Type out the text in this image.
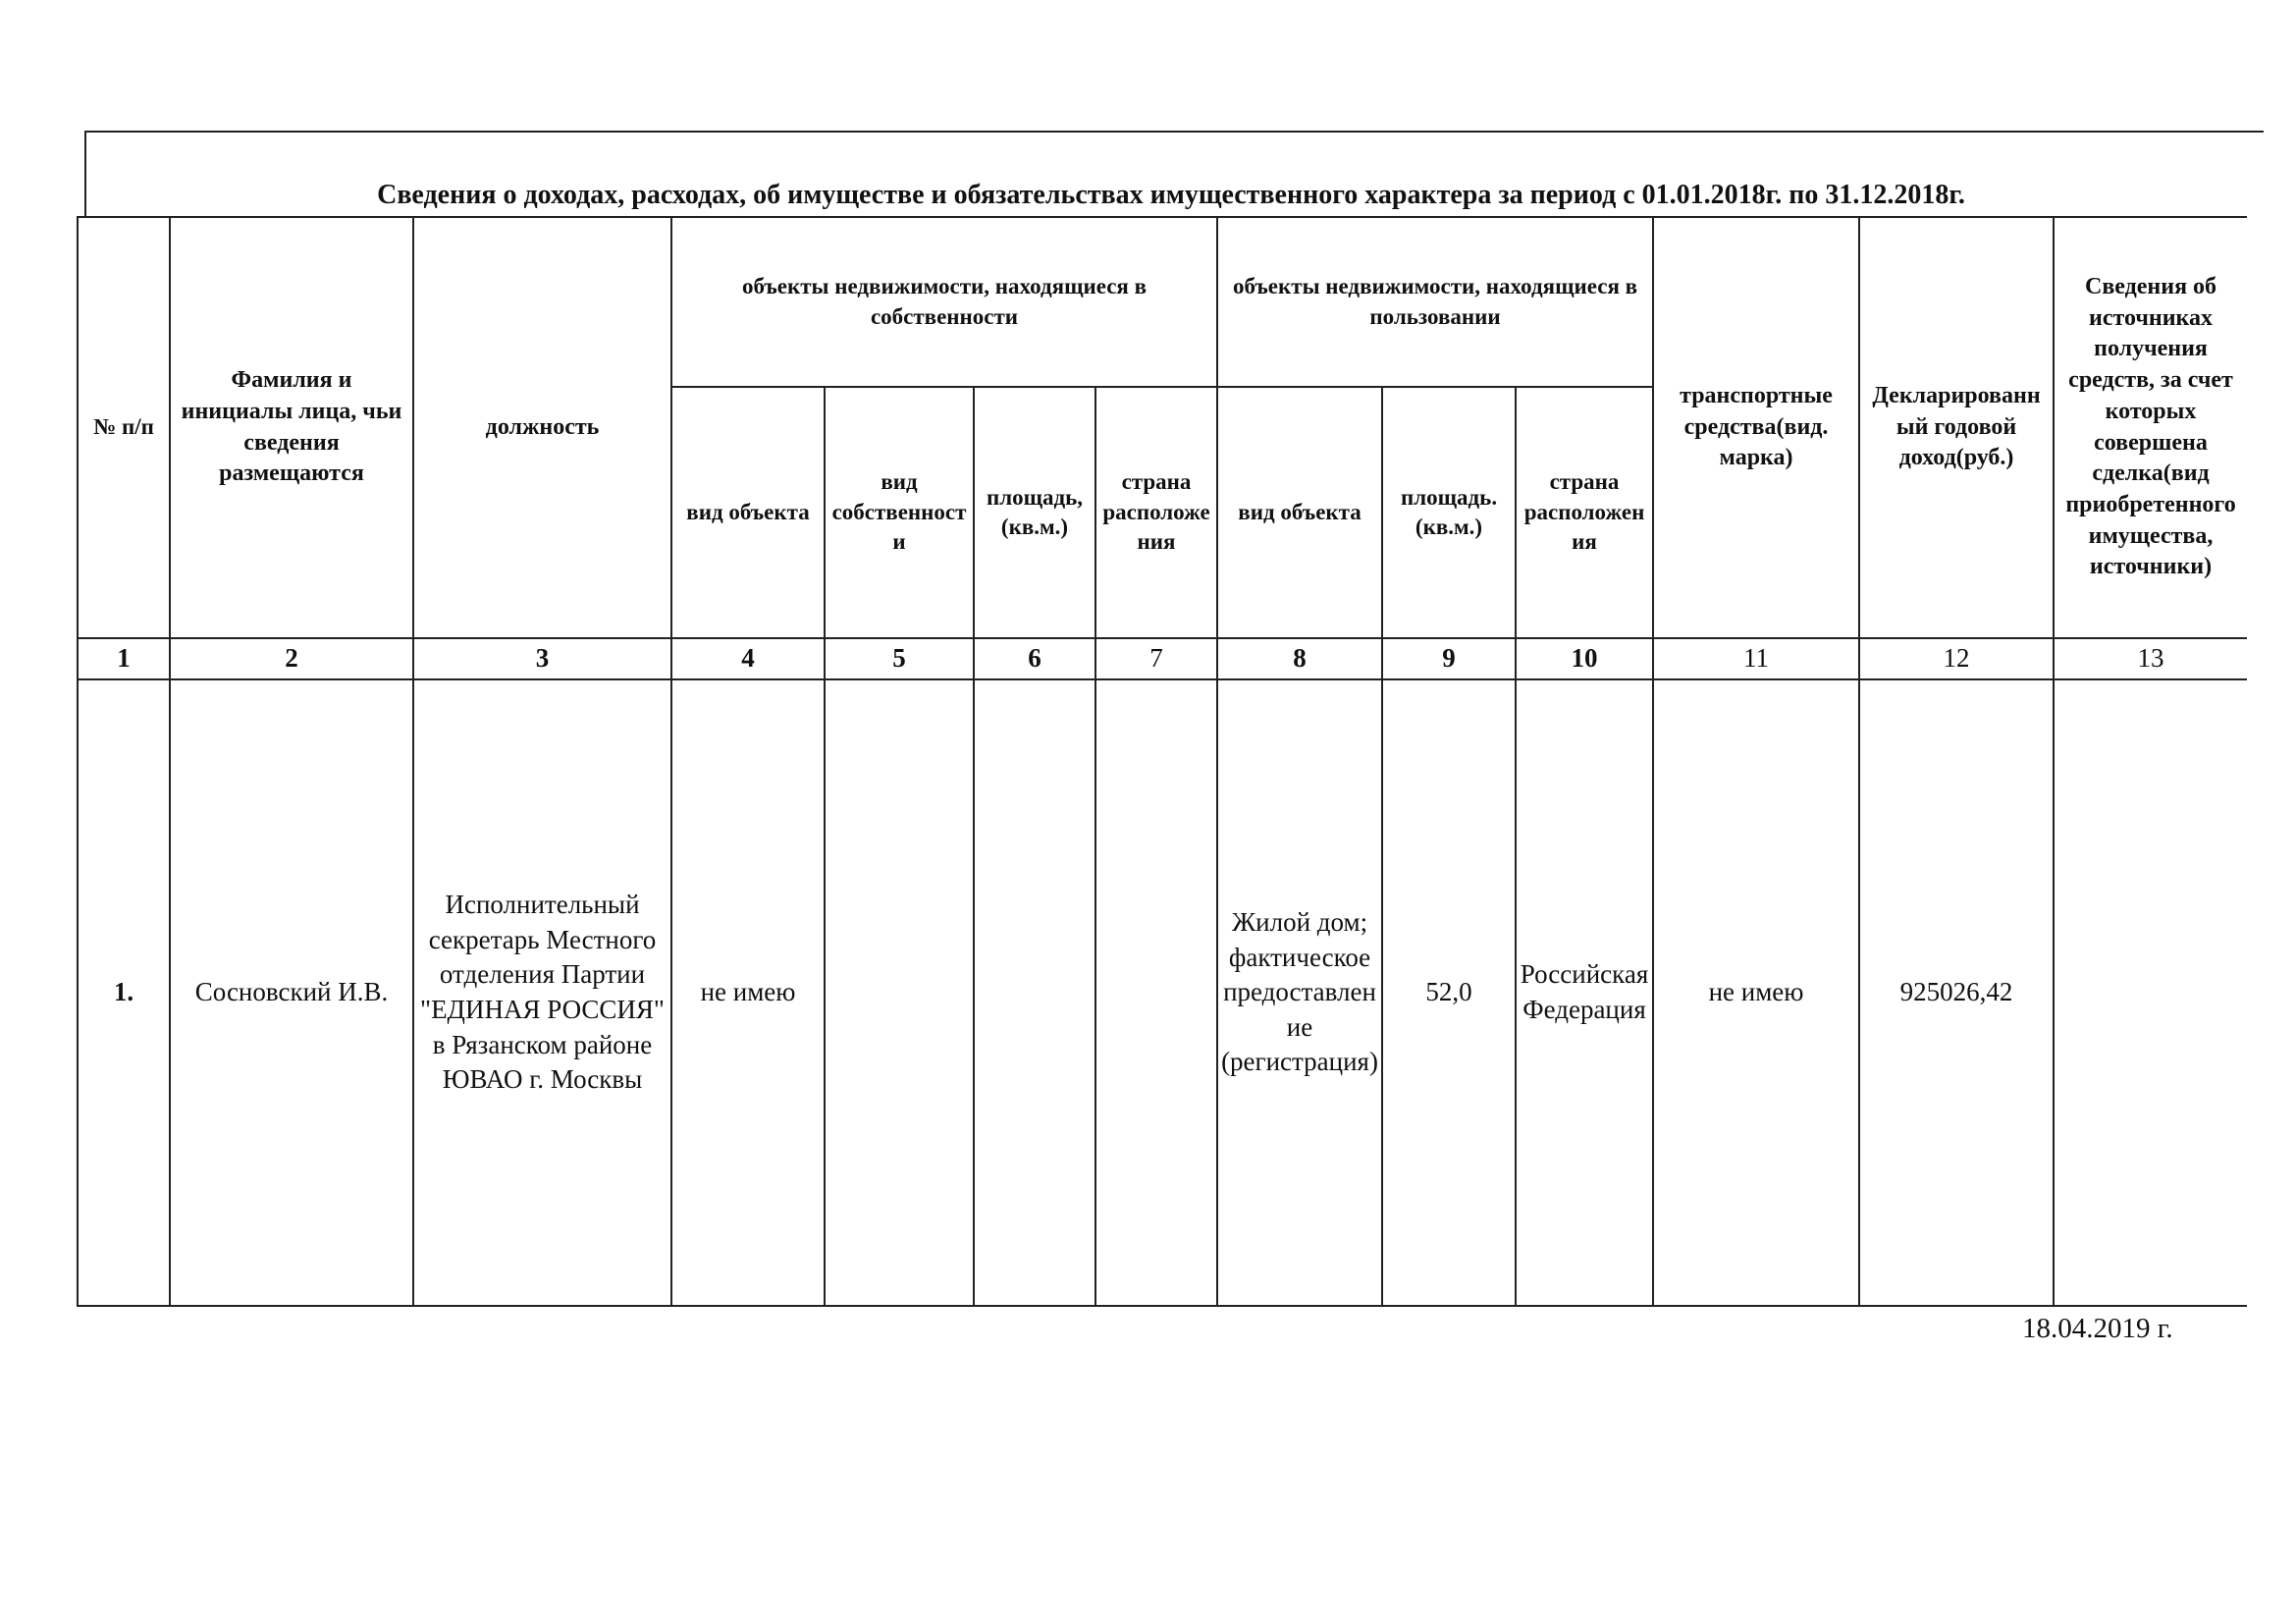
Сведения о доходах, расходах, об имуществе и обязательствах имущественного характера за период с 01.01.2018г. по 31.12.2018г.
№ п/п	Фамилия и инициалы лица, чьи сведения размещаются	должность	объекты недвижимости, находящиеся в собственности				объекты недвижимости, находящиеся в пользовании			транспортные средства(вид. марка)	Декларированный годовой доход(руб.)	Сведения об источниках получения средств, за счет которых совершена сделка(вид приобретенного имущества, источники)
			вид объекта	вид собственности	площадь, (кв.м.)	страна расположения	вид объекта	площадь. (кв.м.)	страна расположения			
1	2	3	4	5	6	7	8	9	10	11	12	13
1.	Сосновский И.В.	Исполнительный секретарь Местного отделения Партии "ЕДИНАЯ РОССИЯ" в Рязанском районе ЮВАО г. Москвы	не имею				Жилой дом; фактическое предоставление (регистрация)	52,0	Российская Федерация	не имею	925026,42	
18.04.2019 г.
